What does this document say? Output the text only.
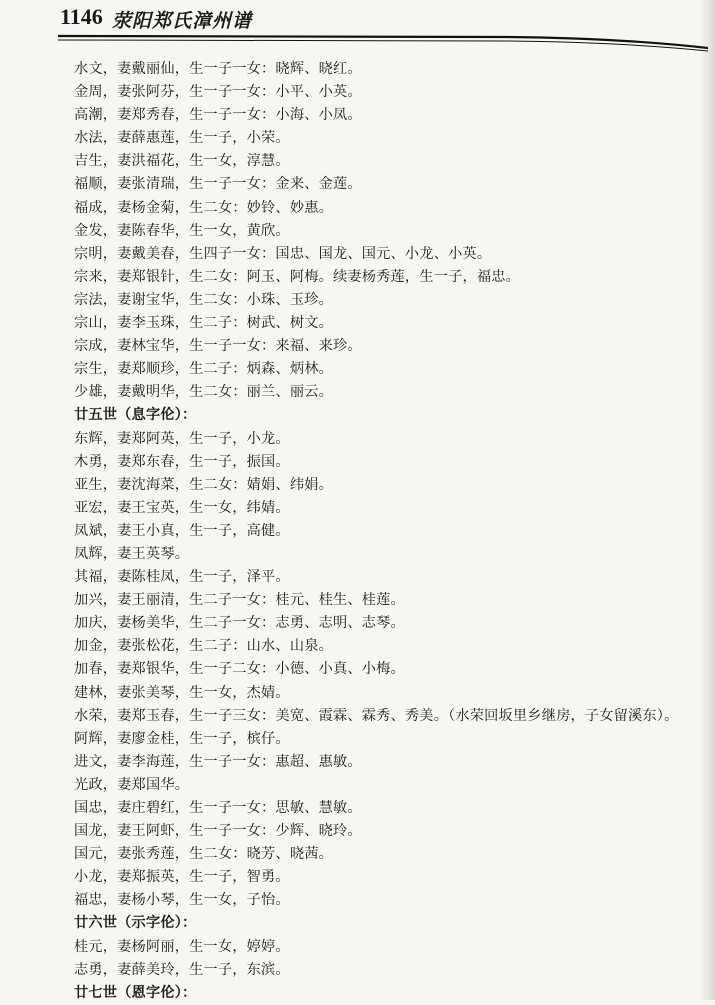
1146 荥阳郑氏漳州谱
水文，妻戴丽仙，生一子一女：晓辉、晓红。
金周，妻张阿芬，生一子一女：小平、小英。
高潮，妻郑秀春，生一子一女：小海、小凤。
水法，妻薛惠莲，生一子，小荣。
吉生，妻洪福花，生一女，淳慧。
福顺，妻张清瑞，生一子一女：金来、金莲。
福成，妻杨金菊，生二女：妙铃、妙惠。
金发，妻陈春华，生一女，黄欣。
宗明，妻戴美春，生四子一女：国忠、国龙、国元、小龙、小英。
宗来，妻郑银针，生二女：阿玉、阿梅。续妻杨秀莲，生一子，福忠。
宗法，妻谢宝华，生二女：小珠、玉珍。
宗山，妻李玉珠，生二子：树武、树文。
宗成，妻林宝华，生一子一女：来福、来珍。
宗生，妻郑顺珍，生二子：炳森、炳林。
少雄，妻戴明华，生二女：丽兰、丽云。
廿五世（息字伦）：
东辉，妻郑阿英，生一子，小龙。
木勇，妻郑东春，生一子，振国。
亚生，妻沈海菜，生二女：婧娟、纬娟。
亚宏，妻王宝英，生一女，纬婧。
凤斌，妻王小真，生一子，高健。
凤辉，妻王英琴。
其福，妻陈桂凤，生一子，泽平。
加兴，妻王丽清，生二子一女：桂元、桂生、桂莲。
加庆，妻杨美华，生二子一女：志勇、志明、志琴。
加金，妻张松花，生二子：山水、山泉。
加春，妻郑银华，生一子二女：小德、小真、小梅。
建林，妻张美琴，生一女，杰婧。
水荣，妻郑玉春，生一子三女：美宽、霞霖、霖秀、秀美。（水荣回坂里乡继房，子女留溪东）。
阿辉，妻廖金桂，生一子，槟仔。
进文，妻李海莲，生一子一女：惠超、惠敏。
光政，妻郑国华。
国忠，妻庄碧红，生一子一女：思敏、慧敏。
国龙，妻王阿虾，生一子一女：少辉、晓玲。
国元，妻张秀莲，生二女：晓芳、晓茜。
小龙，妻郑振英，生一子，智勇。
福忠，妻杨小琴，生一女，子怡。
廿六世（示字伦）：
桂元，妻杨阿丽，生一女，婷婷。
志勇，妻薛美玲，生一子，东滨。
廿七世（恩字伦）：
